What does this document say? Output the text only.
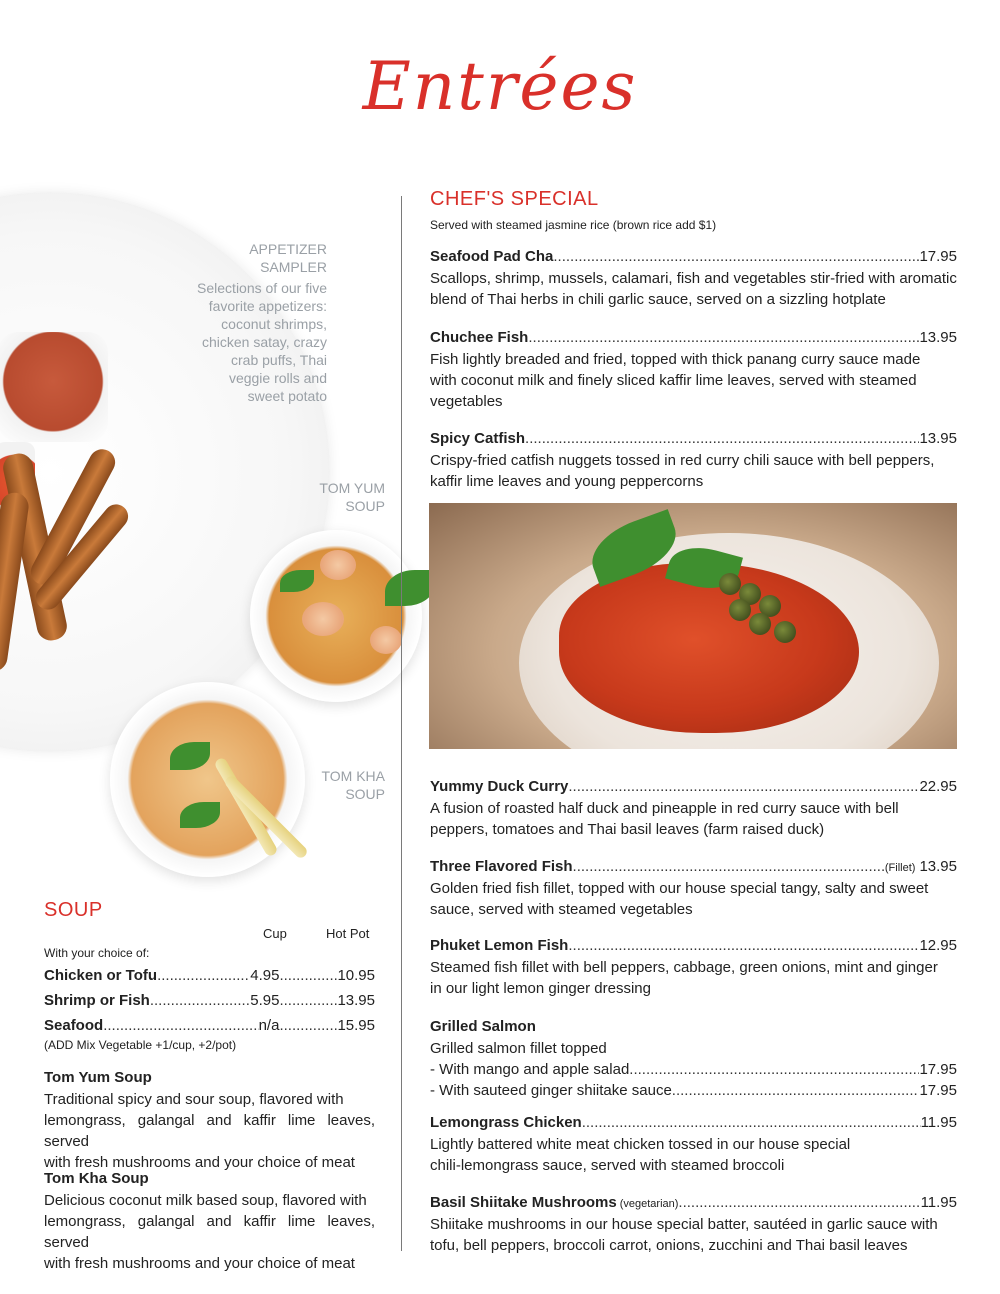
Entrées
APPETIZER
SAMPLER
Selections of our five
favorite appetizers:
coconut shrimps,
chicken satay, crazy
crab puffs, Thai
veggie rolls and
sweet potato
TOM YUM
SOUP
TOM KHA
SOUP
SOUP
Cup	Hot Pot
With your choice of:
Chicken or Tofu .....	4.95 .....	10.95
Shrimp or Fish .....	5.95 .....	13.95
Seafood .....	n/a .....	15.95
(ADD Mix Vegetable +1/cup, +2/pot)
Tom Yum Soup
Traditional spicy and sour soup, flavored with
lemongrass, galangal and kaffir lime leaves, served
with fresh mushrooms and your choice of meat
Tom Kha Soup
Delicious coconut milk based soup, flavored with
lemongrass, galangal and kaffir lime leaves, served
with fresh mushrooms and your choice of meat
CHEF'S SPECIAL
Served with steamed jasmine rice (brown rice add $1)
Seafood Pad Cha .....	17.95
Scallops, shrimp, mussels, calamari, fish and vegetables stir-fried with aromatic
blend of Thai herbs in chili garlic sauce, served on a sizzling hotplate
Chuchee Fish .....	13.95
Fish lightly breaded and fried, topped with thick panang curry sauce made
with coconut milk and finely sliced kaffir lime leaves, served with steamed
vegetables
Spicy Catfish .....	13.95
Crispy-fried catfish nuggets tossed in red curry chili sauce with bell peppers,
kaffir lime leaves and young peppercorns
Yummy Duck Curry .....	22.95
A fusion of roasted half duck and pineapple in red curry sauce with bell
peppers, tomatoes and Thai basil leaves (farm raised duck)
Three Flavored Fish .....	(Fillet) 13.95
Golden fried fish fillet, topped with our house special tangy, salty and sweet
sauce, served with steamed vegetables
Phuket Lemon Fish .....	12.95
Steamed fish fillet with bell peppers, cabbage, green onions, mint and ginger
in our light lemon ginger dressing
Grilled Salmon
Grilled salmon fillet topped
- With mango and apple salad .....	17.95
- With sauteed ginger shiitake sauce .....	17.95
Lemongrass Chicken .....	11.95
Lightly battered white meat chicken tossed in our house special
chili-lemongrass sauce, served with steamed broccoli
Basil Shiitake Mushrooms (vegetarian) .....	11.95
Shiitake mushrooms in our house special batter, sautéed in garlic sauce with
tofu, bell peppers, broccoli carrot, onions, zucchini and Thai basil leaves
